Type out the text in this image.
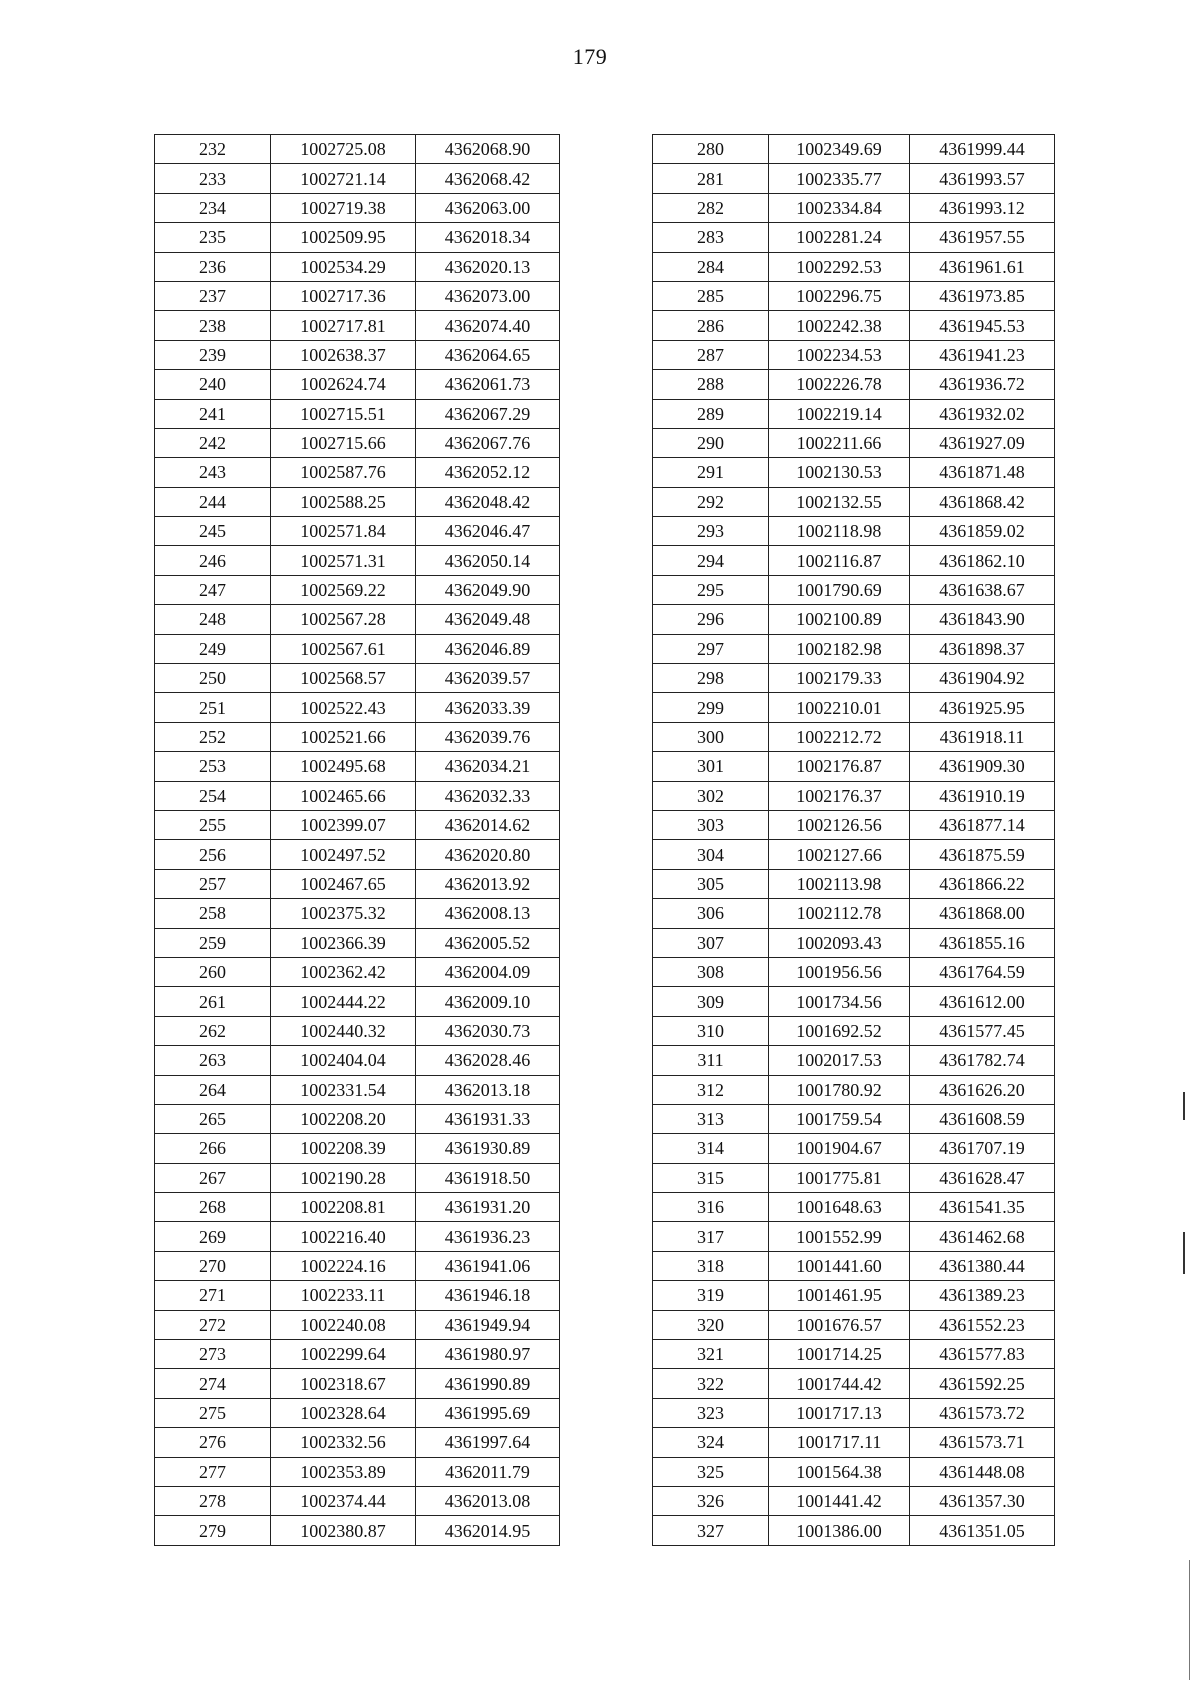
179
232	1002725.08	4362068.90
233	1002721.14	4362068.42
234	1002719.38	4362063.00
235	1002509.95	4362018.34
236	1002534.29	4362020.13
237	1002717.36	4362073.00
238	1002717.81	4362074.40
239	1002638.37	4362064.65
240	1002624.74	4362061.73
241	1002715.51	4362067.29
242	1002715.66	4362067.76
243	1002587.76	4362052.12
244	1002588.25	4362048.42
245	1002571.84	4362046.47
246	1002571.31	4362050.14
247	1002569.22	4362049.90
248	1002567.28	4362049.48
249	1002567.61	4362046.89
250	1002568.57	4362039.57
251	1002522.43	4362033.39
252	1002521.66	4362039.76
253	1002495.68	4362034.21
254	1002465.66	4362032.33
255	1002399.07	4362014.62
256	1002497.52	4362020.80
257	1002467.65	4362013.92
258	1002375.32	4362008.13
259	1002366.39	4362005.52
260	1002362.42	4362004.09
261	1002444.22	4362009.10
262	1002440.32	4362030.73
263	1002404.04	4362028.46
264	1002331.54	4362013.18
265	1002208.20	4361931.33
266	1002208.39	4361930.89
267	1002190.28	4361918.50
268	1002208.81	4361931.20
269	1002216.40	4361936.23
270	1002224.16	4361941.06
271	1002233.11	4361946.18
272	1002240.08	4361949.94
273	1002299.64	4361980.97
274	1002318.67	4361990.89
275	1002328.64	4361995.69
276	1002332.56	4361997.64
277	1002353.89	4362011.79
278	1002374.44	4362013.08
279	1002380.87	4362014.95
280	1002349.69	4361999.44
281	1002335.77	4361993.57
282	1002334.84	4361993.12
283	1002281.24	4361957.55
284	1002292.53	4361961.61
285	1002296.75	4361973.85
286	1002242.38	4361945.53
287	1002234.53	4361941.23
288	1002226.78	4361936.72
289	1002219.14	4361932.02
290	1002211.66	4361927.09
291	1002130.53	4361871.48
292	1002132.55	4361868.42
293	1002118.98	4361859.02
294	1002116.87	4361862.10
295	1001790.69	4361638.67
296	1002100.89	4361843.90
297	1002182.98	4361898.37
298	1002179.33	4361904.92
299	1002210.01	4361925.95
300	1002212.72	4361918.11
301	1002176.87	4361909.30
302	1002176.37	4361910.19
303	1002126.56	4361877.14
304	1002127.66	4361875.59
305	1002113.98	4361866.22
306	1002112.78	4361868.00
307	1002093.43	4361855.16
308	1001956.56	4361764.59
309	1001734.56	4361612.00
310	1001692.52	4361577.45
311	1002017.53	4361782.74
312	1001780.92	4361626.20
313	1001759.54	4361608.59
314	1001904.67	4361707.19
315	1001775.81	4361628.47
316	1001648.63	4361541.35
317	1001552.99	4361462.68
318	1001441.60	4361380.44
319	1001461.95	4361389.23
320	1001676.57	4361552.23
321	1001714.25	4361577.83
322	1001744.42	4361592.25
323	1001717.13	4361573.72
324	1001717.11	4361573.71
325	1001564.38	4361448.08
326	1001441.42	4361357.30
327	1001386.00	4361351.05
